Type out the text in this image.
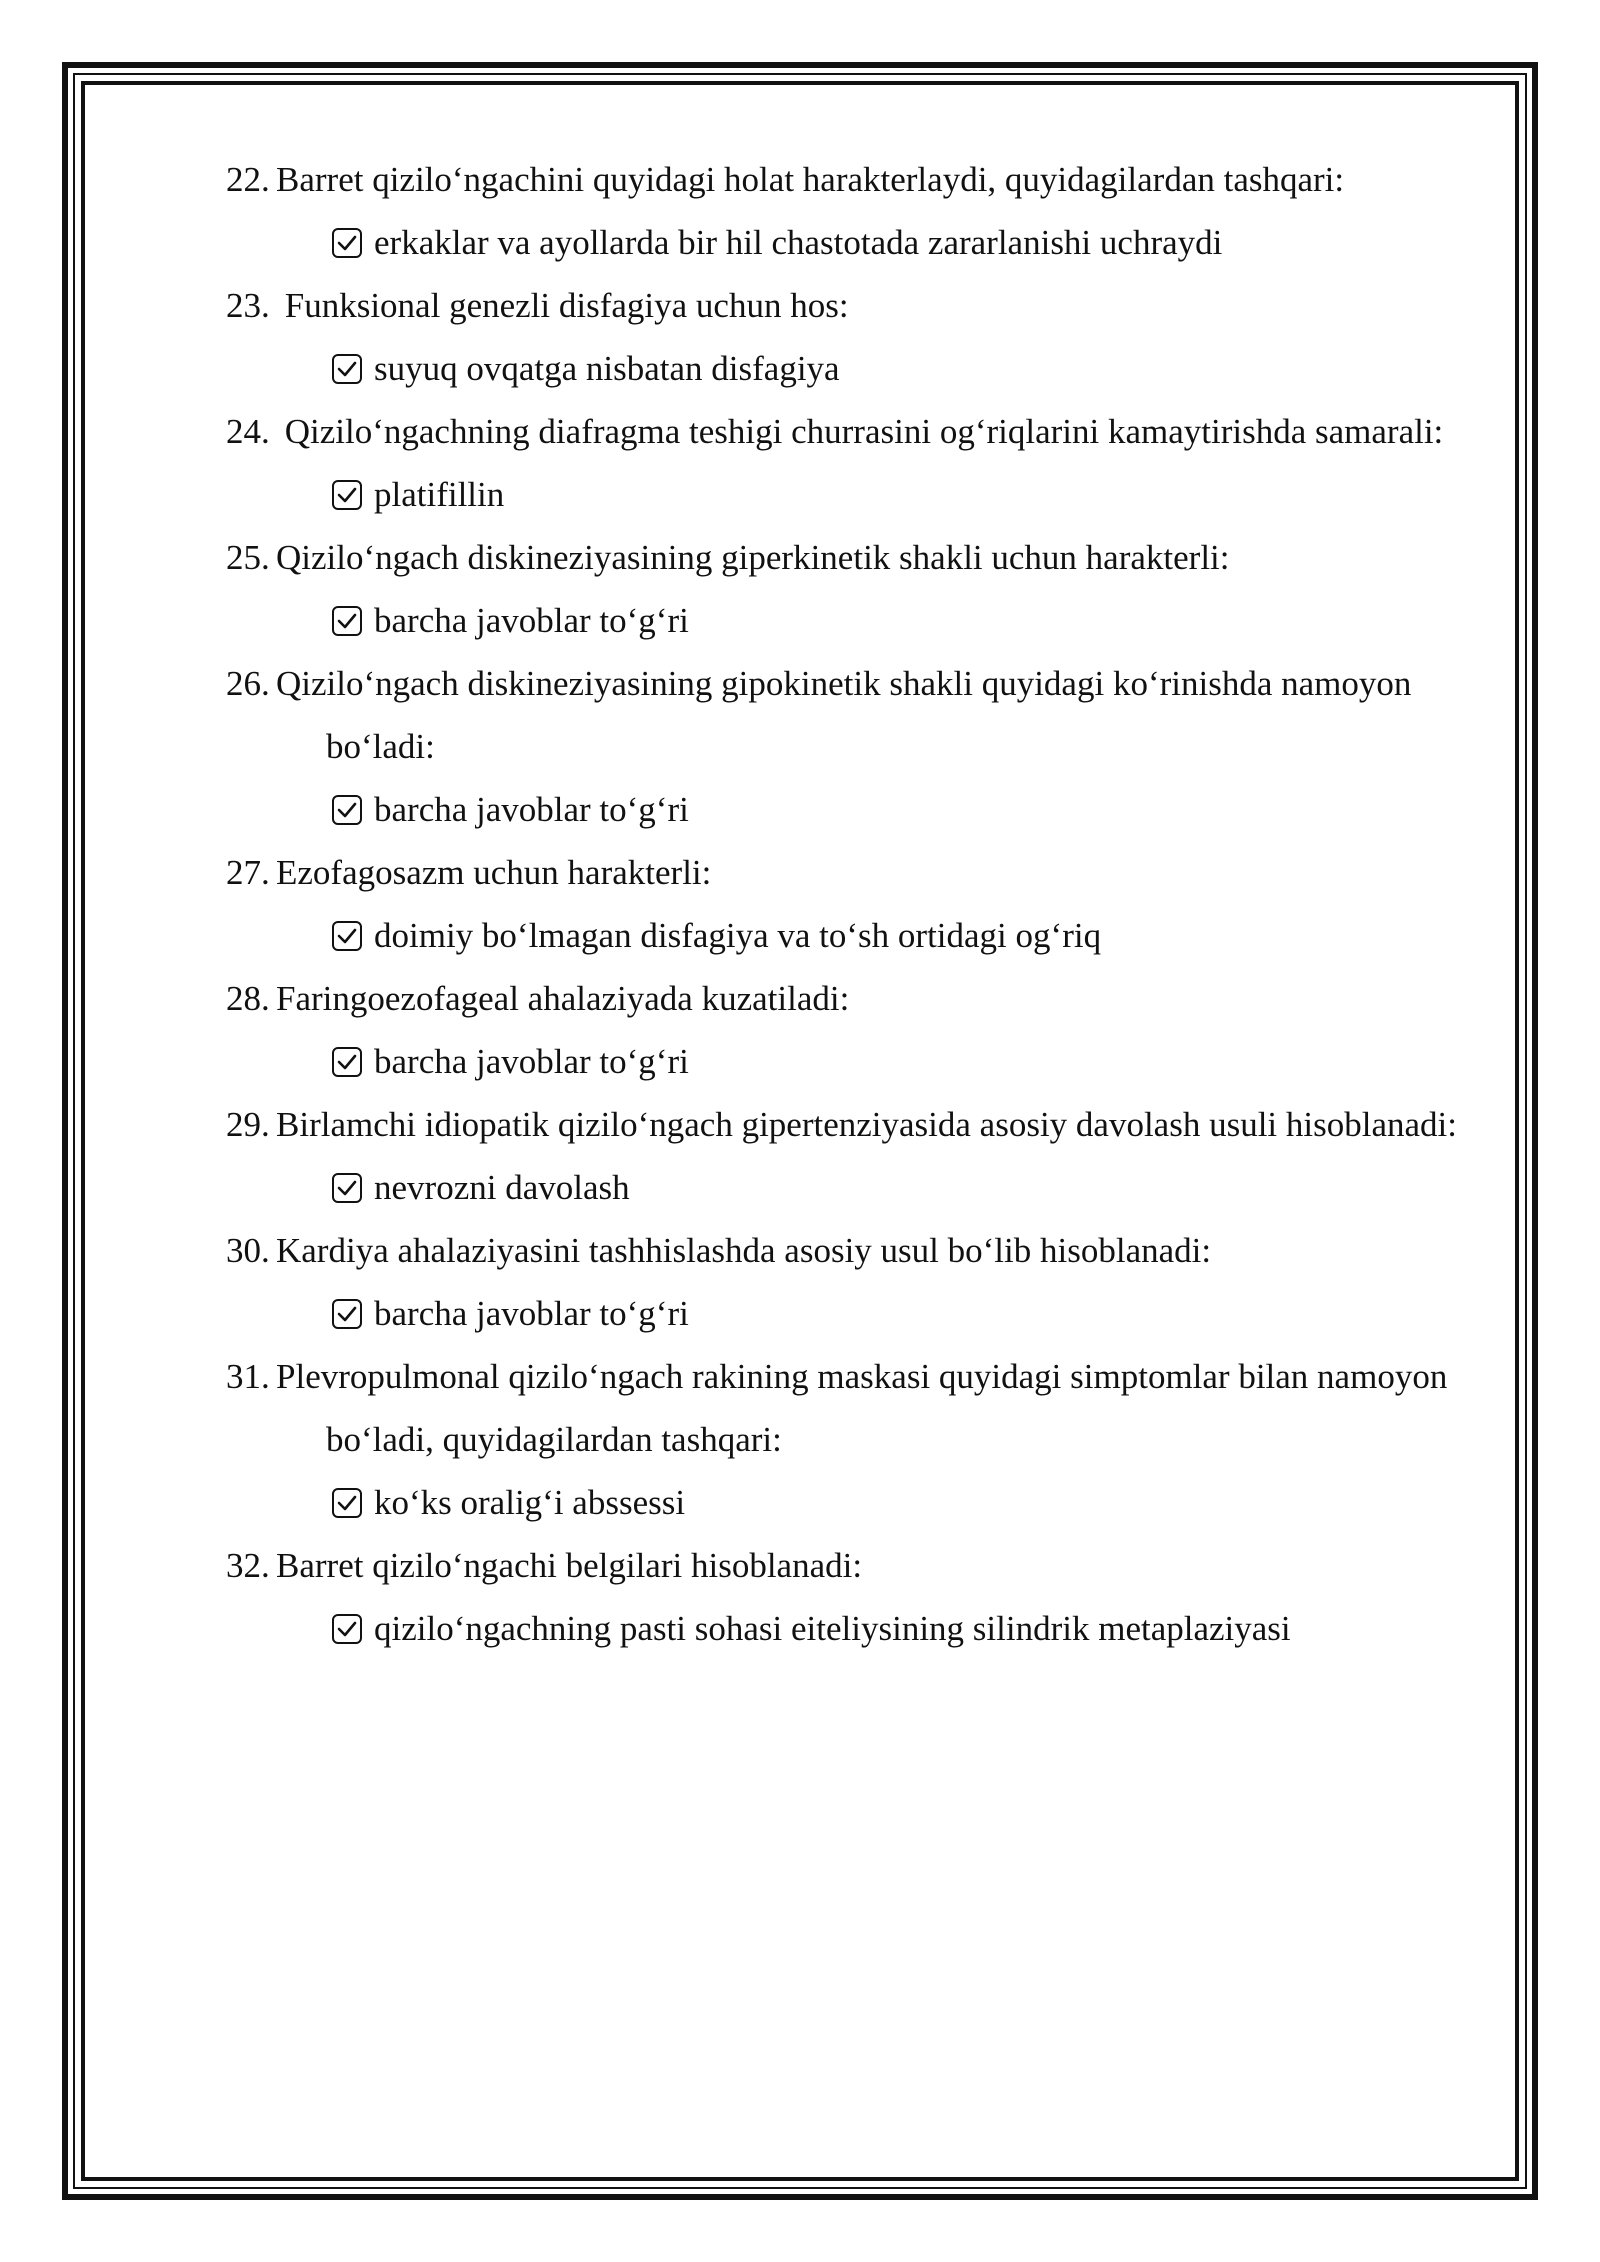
22. Barret qizilo‘ngachini quyidagi holat harakterlaydi, quyidagilardan tashqari:

erkaklar va ayollarda bir hil chastotada zararlanishi uchraydi

23. Funksional genezli disfagiya uchun hos:

suyuq ovqatga nisbatan disfagiya

24. Qizilo‘ngachning diafragma teshigi churrasini og‘riqlarini kamaytirishda samarali:

platifillin

25. Qizilo‘ngach diskineziyasining giperkinetik shakli uchun harakterli:

barcha javoblar to‘g‘ri

26. Qizilo‘ngach diskineziyasining gipokinetik shakli quyidagi ko‘rinishda namoyon bo‘ladi:

barcha javoblar to‘g‘ri

27. Ezofagosazm uchun harakterli:

doimiy bo‘lmagan disfagiya va to‘sh ortidagi og‘riq

28. Faringoezofageal ahalaziyada kuzatiladi:

barcha javoblar to‘g‘ri

29. Birlamchi idiopatik qizilo‘ngach gipertenziyasida asosiy davolash usuli hisoblanadi:

nevrozni davolash

30. Kardiya ahalaziyasini tashhislashda asosiy usul bo‘lib hisoblanadi:

barcha javoblar to‘g‘ri

31. Plevropulmonal qizilo‘ngach rakining maskasi quyidagi simptomlar bilan namoyon bo‘ladi, quyidagilardan tashqari:

ko‘ks oralig‘i abssessi

32. Barret qizilo‘ngachi belgilari hisoblanadi:

qizilo‘ngachning pasti sohasi eiteliysining silindrik metaplaziyasi
